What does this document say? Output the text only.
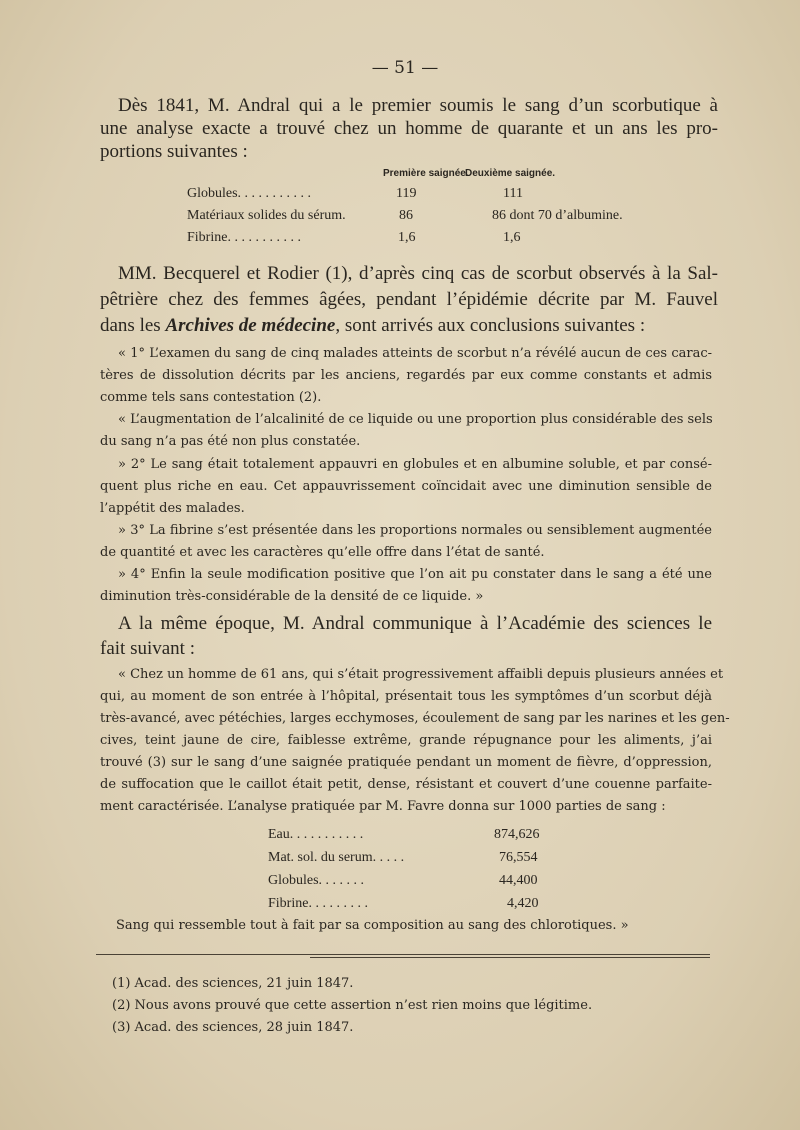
— 51 —
Dès 1841, M. Andral qui a le premier soumis le sang d’un scorbutique à
une analyse exacte a trouvé chez un homme de quarante et un ans les pro-
portions suivantes :
Première saignée.
Deuxième saignée.
Globules. . . . . . . . . . .	119	111
Matériaux solides du sérum.	86	86 dont 70 d’albumine.
Fibrine. . . . . . . . . . .	1,6	1,6
MM. Becquerel et Rodier (1), d’après cinq cas de scorbut observés à la Sal-
pêtrière chez des femmes âgées, pendant l’épidémie décrite par M. Fauvel
dans les Archives de médecine, sont arrivés aux conclusions suivantes :
« 1° L’examen du sang de cinq malades atteints de scorbut n’a révélé aucun de ces carac-
tères de dissolution décrits par les anciens, regardés par eux comme constants et admis
comme tels sans contestation (2).
« L’augmentation de l’alcalinité de ce liquide ou une proportion plus considérable des sels
du sang n’a pas été non plus constatée.
» 2° Le sang était totalement appauvri en globules et en albumine soluble, et par consé-
quent plus riche en eau. Cet appauvrissement coïncidait avec une diminution sensible de
l’appétit des malades.
» 3° La fibrine s’est présentée dans les proportions normales ou sensiblement augmentée
de quantité et avec les caractères qu’elle offre dans l’état de santé.
» 4° Enfin la seule modification positive que l’on ait pu constater dans le sang a été une
diminution très-considérable de la densité de ce liquide. »
A la même époque, M. Andral communique à l’Académie des sciences le
fait suivant :
« Chez un homme de 61 ans, qui s’était progressivement affaibli depuis plusieurs années et
qui, au moment de son entrée à l’hôpital, présentait tous les symptômes d’un scorbut déjà
très-avancé, avec pétéchies, larges ecchymoses, écoulement de sang par les narines et les gen-
cives, teint jaune de cire, faiblesse extrême, grande répugnance pour les aliments, j’ai
trouvé (3) sur le sang d’une saignée pratiquée pendant un moment de fièvre, d’oppression,
de suffocation que le caillot était petit, dense, résistant et couvert d’une couenne parfaite-
ment caractérisée. L’analyse pratiquée par M. Favre donna sur 1000 parties de sang :
Eau. . . . . . . . . . .	874,626
Mat. sol. du serum. . . . .	76,554
Globules. . . . . . .	44,400
Fibrine. . . . . . . . .	4,420
Sang qui ressemble tout à fait par sa composition au sang des chlorotiques. »
(1) Acad. des sciences, 21 juin 1847.
(2) Nous avons prouvé que cette assertion n’est rien moins que légitime.
(3) Acad. des sciences, 28 juin 1847.
